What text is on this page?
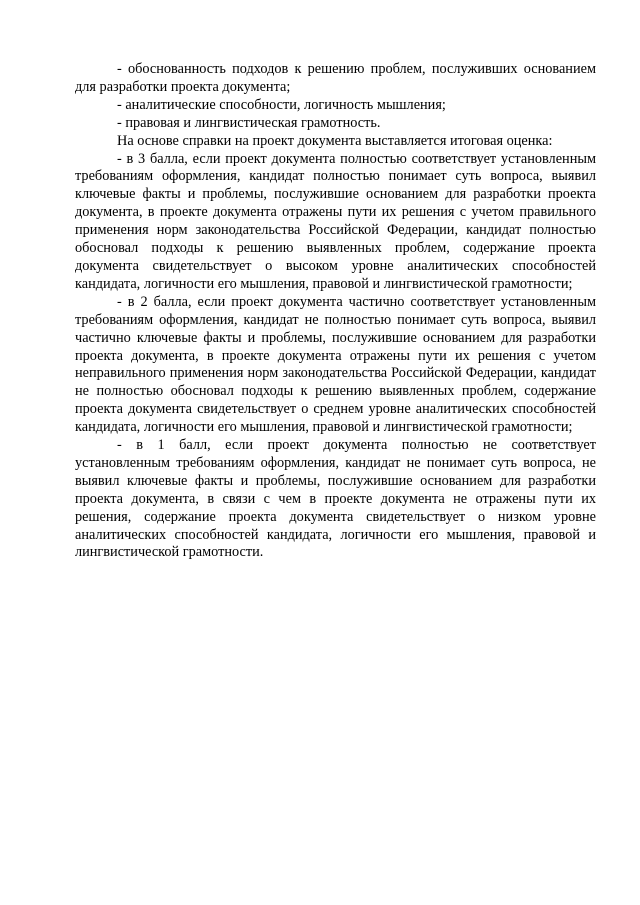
- обоснованность подходов к решению проблем, послуживших основанием для разработки проекта документа;

- аналитические способности, логичность мышления;

- правовая и лингвистическая грамотность.

На основе справки на проект документа выставляется итоговая оценка:

- в 3 балла, если проект документа полностью соответствует установленным требованиям оформления, кандидат полностью понимает суть вопроса, выявил ключевые факты и проблемы, послужившие основанием для разработки проекта документа, в проекте документа отражены пути их решения с учетом правильного применения норм законодательства Российской Федерации, кандидат полностью обосновал подходы к решению выявленных проблем, содержание проекта документа свидетельствует о высоком уровне аналитических способностей кандидата, логичности его мышления, правовой и лингвистической грамотности;

- в 2 балла, если проект документа частично соответствует установленным требованиям оформления, кандидат не полностью понимает суть вопроса, выявил частично ключевые факты и проблемы, послужившие основанием для разработки проекта документа, в проекте документа отражены пути их решения с учетом неправильного применения норм законодательства Российской Федерации, кандидат не полностью обосновал подходы к решению выявленных проблем, содержание проекта документа свидетельствует о среднем уровне аналитических способностей кандидата, логичности его мышления, правовой и лингвистической грамотности;

- в 1 балл, если проект документа полностью не соответствует установленным требованиям оформления, кандидат не понимает суть вопроса, не выявил ключевые факты и проблемы, послужившие основанием для разработки проекта документа, в связи с чем в проекте документа не отражены пути их решения, содержание проекта документа свидетельствует о низком уровне аналитических способностей кандидата, логичности его мышления, правовой и лингвистической грамотности.
